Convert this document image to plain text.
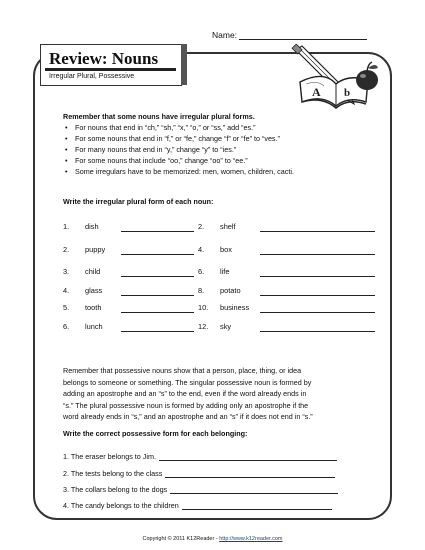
Name:
Review: Nouns
Irregular Plural, Possessive
A b
Remember that some nouns have irregular plural forms.
• For nouns that end in “ch,” “sh,” “x,” “o,” or “ss,” add “es.”
• For some nouns that end in “f,” or “fe,” change “f” or “fe” to “ves.”
• For many nouns that end in “y,” change “y” to “ies.”
• For some nouns that include “oo,” change “oo” to “ee.”
• Some irregulars have to be memorized: men, women, children, cacti.
Write the irregular plural form of each noun:
1. dish
2. puppy
3. child
4. glass
5. tooth
6. lunch
2. shelf
4. box
6. life
8. potato
10. business
12. sky
Remember that possessive nouns show that a person, place, thing, or idea
belongs to someone or something. The singular possessive noun is formed by
adding an apostrophe and an “s” to the end, even if the word already ends in
“s.” The plural possessive noun is formed by adding only an apostrophe if the
word already ends in “s,” and an apostrophe and an “s” if it does not end in “s.”
Write the correct possessive form for each belonging:
1. The eraser belongs to Jim.
2. The tests belong to the class
3. The collars belong to the dogs
4. The candy belongs to the children
Copyright © 2011 K12Reader - http://www.k12reader.com
